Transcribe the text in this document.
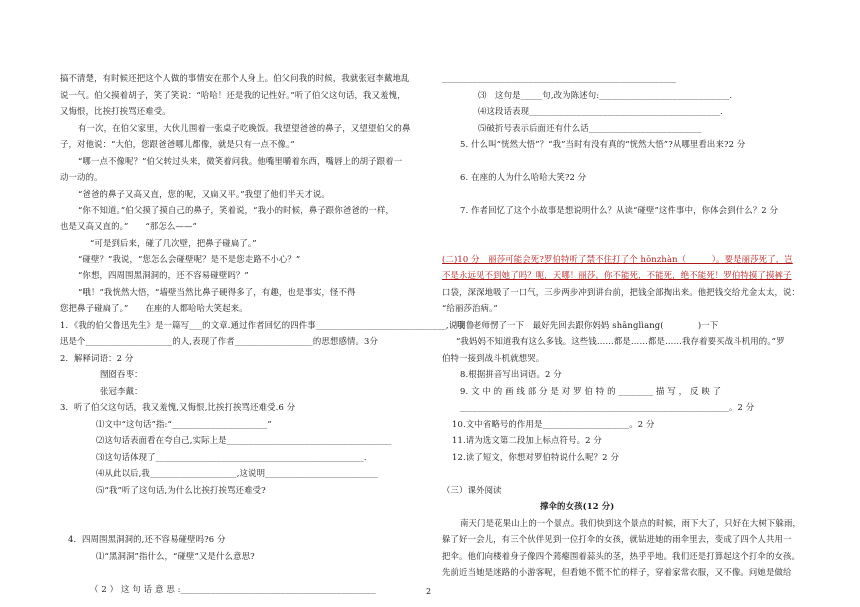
搞不清楚，有时候还把这个人做的事情安在那个人身上。伯父问我的时候，我就张冠李戴地乱
说一气。伯父摸着胡子，笑了笑说：“哈哈！还是我的记性好。”听了伯父这句话，我又羞愧，
又悔恨，比挨打挨骂还难受。
有一次，在伯父家里，大伙儿围着一张桌子吃晚饭。我望望爸爸的鼻子，又望望伯父的鼻
子，对他说：“大伯，您跟爸爸哪儿都像，就是只有一点不像。”
“哪一点不像呢？”伯父转过头来，微笑着问我。他嘴里嚼着东西，嘴唇上的胡子跟着一
动一动的。
“爸爸的鼻子又高又直，您的呢，又扁又平。”我望了他们半天才说。
“你不知道。”伯父摸了摸自己的鼻子，笑着说，“我小的时候，鼻子跟你爸爸的一样，
也是又高又直的。”　　“那怎么——”
“可是到后来，碰了几次壁，把鼻子碰扁了。”
“碰壁？”我说，“您怎么会碰壁呢？是不是您走路不小心？”
“你想，四周围黑洞洞的，还不容易碰壁吗？”
“哦！”我恍然大悟，“墙壁当然比鼻子硬得多了，有趣，也是事实，怪不得
您把鼻子碰扁了。”　　在座的人都哈哈大笑起来。
1．《我的伯父鲁迅先生》是一篇写___的文章.通过作者回忆的四件事______________________________,说明鲁
迅是个____________________的人,表现了作者__________________的思想感情。3分
2．解释词语：2 分
囫囵吞枣：
张冠李戴：
3．听了伯父这句话，我又羞愧,又悔恨,比挨打挨骂还难受.6 分
⑴文中“这句话”指:“______________________”
⑵这句话表面看在夸自己,实际上是______________________________________
⑶这句话体现了________________________________________________.
⑷从此以后,我____________________,这说明__________________________
⑸“我”听了这句话,为什么比挨打挨骂还难受?
4．四周围黑洞洞的,还不容易碰壁吗?6 分
⑴“黑洞洞”指什么，“碰壁”又是什么意思?
（ 2 ） 这 句 话 意 思 :_____________________________________________
______________________________________________________
⑶　这句是_____句,改为陈述句:______________________________.
⑷这段话表现____________________________________________.
⑸破折号表示后面还有什么话__________________________
5. 什么叫“恍然大悟”？“我”当时有没有真的“恍然大悟”?从哪里看出来?2 分
6. 在座的人为什么哈哈大笑?2 分
7. 作者回忆了这个小故事是想说明什么？从读“碰壁”这件事中，你体会到什么？2 分
(二)10 分　丽莎可能会死?罗伯特听了禁不住打了个 hōnzhàn（　　　）。要是丽莎死了，岂
不是永远见不到她了吗？呃，天哪！丽莎，你不能死，不能死，绝不能死！罗伯特摸了摸裤子
口袋，深深地吸了一口气，三步两步冲到讲台前，把钱全部掏出来。他把钱交给尤金太太，说：
“给丽莎治病。”
哦　老师愣了一下　最好先回去跟你妈妈 shānglìang(　　　　)一下
“我妈妈不知道我有这么多钱。这些钱……都是……都是……我存着要买战斗机用的。”罗
伯特一接到战斗机就想哭。
8.根据拼音写出词语。2 分
9. 文 中 的 画 线 部 分 是 对 罗 伯 特 的 ________ 描 写 ， 反 映 了
______________________________________________________________。2 分
10.文中省略号的作用是____________________。2 分
11.请为选文第二段加上标点符号。2 分
12.读了短文，你想对罗伯特说什么呢？2 分
（三）课外阅读
撑伞的女孩(12 分)
南天门是花果山上的一个景点。我们快到这个景点的时候，雨下大了，只好在大树下躲雨，
躲了好一会儿，有三个伙伴见到一位打伞的女孩，就钻进她的雨伞里去，变成了四个人共用一
把伞。他们向楼着身子像四个蔫瘪围着蒜头的茎，热乎乎地。我们还是打算起这个打伞的女孩。
先前近当她是迷路的小游客呢，但看她不慌不忙的样子，穿着家常衣服，又不像。问她是做给
2
